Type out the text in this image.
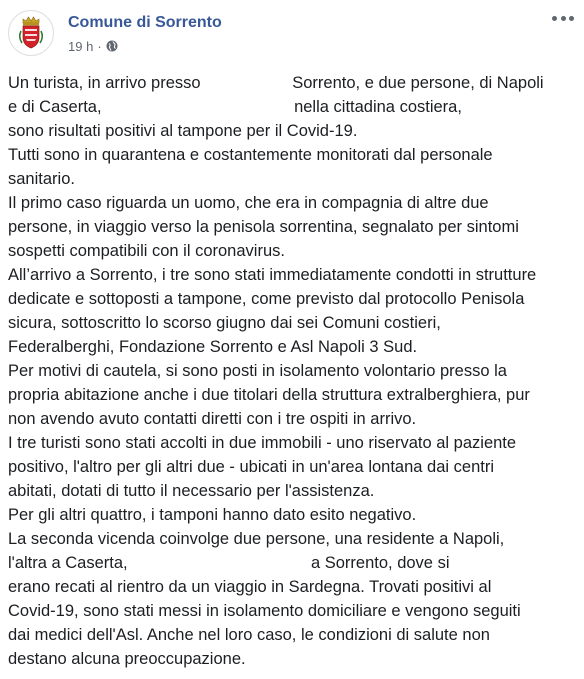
Comune di Sorrento
19 h ·
Un turista, in arrivo presso                    Sorrento, e due persone, di Napoli
e di Caserta,                                          nella cittadina costiera,
sono risultati positivi al tampone per il Covid-19.
Tutti sono in quarantena e costantemente monitorati dal personale
sanitario.
Il primo caso riguarda un uomo, che era in compagnia di altre due
persone, in viaggio verso la penisola sorrentina, segnalato per sintomi
sospetti compatibili con il coronavirus.
All’arrivo a Sorrento, i tre sono stati immediatamente condotti in strutture
dedicate e sottoposti a tampone, come previsto dal protocollo Penisola
sicura, sottoscritto lo scorso giugno dai sei Comuni costieri,
Federalberghi, Fondazione Sorrento e Asl Napoli 3 Sud.
Per motivi di cautela, si sono posti in isolamento volontario presso la
propria abitazione anche i due titolari della struttura extralberghiera, pur
non avendo avuto contatti diretti con i tre ospiti in arrivo.
I tre turisti sono stati accolti in due immobili - uno riservato al paziente
positivo, l'altro per gli altri due - ubicati in un'area lontana dai centri
abitati, dotati di tutto il necessario per l'assistenza.
Per gli altri quattro, i tamponi hanno dato esito negativo.
La seconda vicenda coinvolge due persone, una residente a Napoli,
l'altra a Caserta,                                        a Sorrento, dove si
erano recati al rientro da un viaggio in Sardegna. Trovati positivi al
Covid-19, sono stati messi in isolamento domiciliare e vengono seguiti
dai medici dell'Asl. Anche nel loro caso, le condizioni di salute non
destano alcuna preoccupazione.
